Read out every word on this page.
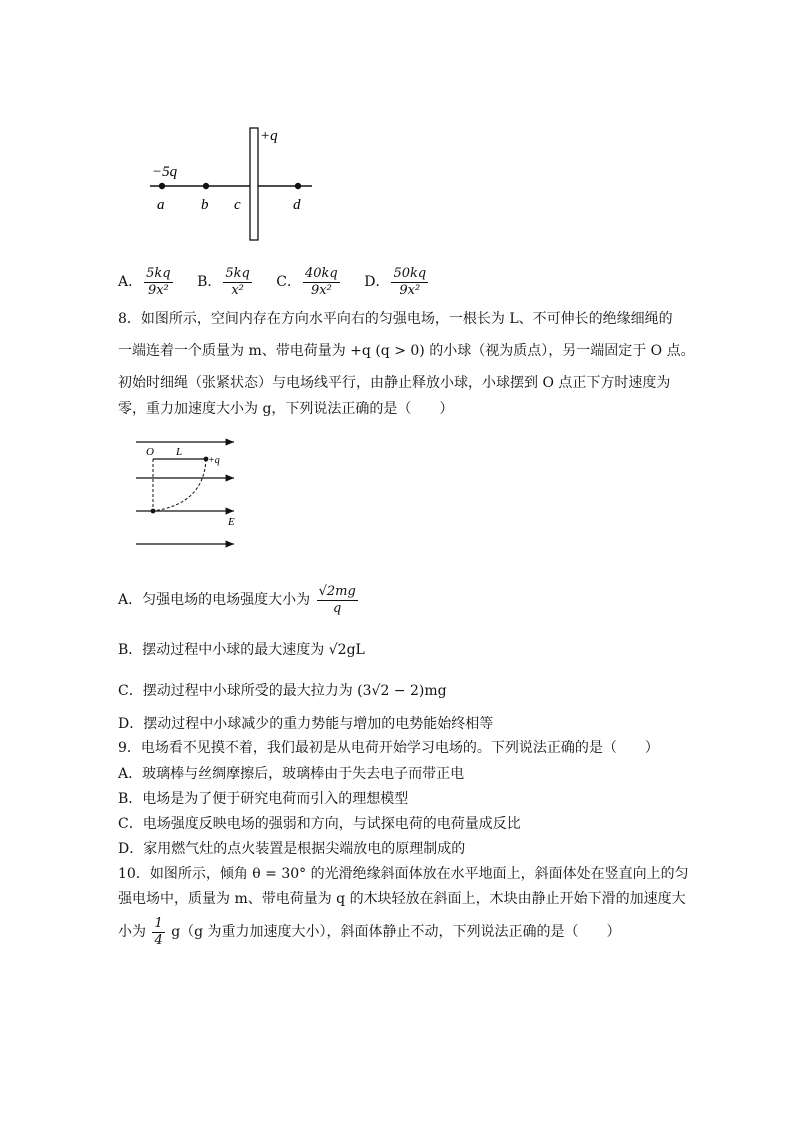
−5q
+q
a b c	d
A． $\frac{5kq}{\text{9x²}}$
B． $\frac{5kq}{\text{x²}}$
C． $\frac{40kq}{\text{9x²}}$
D． $\frac{50kq}{\text{9x²}}$
8．如图所示，空间内存在方向水平向右的匀强电场，一根长为 L、不可伸长的绝缘细绳的
一端连着一个质量为 m、带电荷量为 +q (q > 0) 的小球（视为质点），另一端固定于 O 点。
初始时细绳（张紧状态）与电场线平行，由静止释放小球，小球摆到 O 点正下方时速度为
零，重力加速度大小为 g，下列说法正确的是（　　）
O L
+q
E
A．匀强电场的电场强度大小为 $\frac{√2mg}{q}$
B．摆动过程中小球的最大速度为 √2gL
C．摆动过程中小球所受的最大拉力为 (3√2 − 2)mg
D．摆动过程中小球减少的重力势能与增加的电势能始终相等
9．电场看不见摸不着，我们最初是从电荷开始学习电场的。下列说法正确的是（　　）
A．玻璃棒与丝绸摩擦后，玻璃棒由于失去电子而带正电
B．电场是为了便于研究电荷而引入的理想模型
C．电场强度反映电场的强弱和方向，与试探电荷的电荷量成反比
D．家用燃气灶的点火装置是根据尖端放电的原理制成的
10．如图所示，倾角 θ = 30° 的光滑绝缘斜面体放在水平地面上，斜面体处在竖直向上的匀
强电场中，质量为 m、带电荷量为 q 的木块轻放在斜面上，木块由静止开始下滑的加速度大
小为 $\frac{1}{4} g(g$ 为重力加速度大小），斜面体静止不动，下列说法正确的是（　　）
